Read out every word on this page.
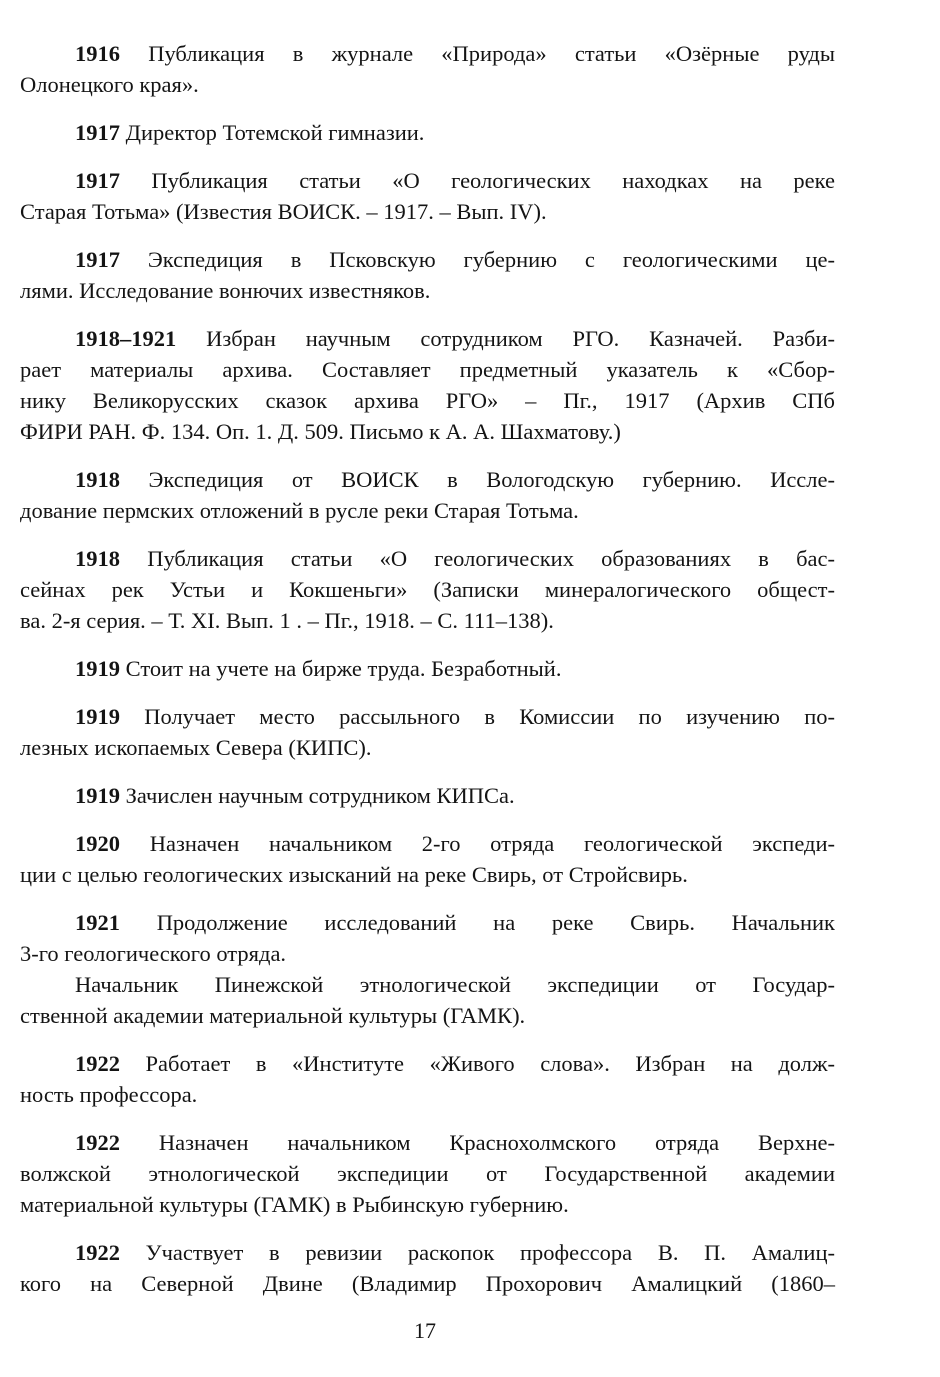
1916 Публикация в журнале «Природа» статьи «Озёрные руды
Олонецкого края».
1917 Директор Тотемской гимназии.
1917 Публикация статьи «О геологических находках на реке
Старая Тотьма» (Известия ВОИСК. – 1917. – Вып. IV).
1917 Экспедиция в Псковскую губернию с геологическими це-
лями. Исследование вонючих известняков.
1918–1921 Избран научным сотрудником РГО. Казначей. Разби-
рает материалы архива. Составляет предметный указатель к «Сбор-
нику Великорусских сказок архива РГО» – Пг., 1917 (Архив СПб
ФИРИ РАН. Ф. 134. Оп. 1. Д. 509. Письмо к А. А. Шахматову.)
1918 Экспедиция от ВОИСК в Вологодскую губернию. Иссле-
дование пермских отложений в русле реки Старая Тотьма.
1918 Публикация статьи «О геологических образованиях в бас-
сейнах рек Устьи и Кокшеньги» (Записки минералогического общест-
ва. 2-я серия. – Т. XI. Вып. 1 . – Пг., 1918. – С. 111–138).
1919 Стоит на учете на бирже труда. Безработный.
1919 Получает место рассыльного в Комиссии по изучению по-
лезных ископаемых Севера (КИПС).
1919 Зачислен научным сотрудником КИПСа.
1920 Назначен начальником 2-го отряда геологической экспеди-
ции с целью геологических изысканий на реке Свирь, от Стройсвирь.
1921 Продолжение исследований на реке Свирь. Начальник
3-го геологического отряда.
Начальник Пинежской этнологической экспедиции от Государ-
ственной академии материальной культуры (ГАМК).
1922 Работает в «Институте «Живого слова». Избран на долж-
ность профессора.
1922 Назначен начальником Краснохолмского отряда Верхне-
волжской этнологической экспедиции от Государственной академии
материальной культуры (ГАМК) в Рыбинскую губернию.
1922 Участвует в ревизии раскопок профессора В. П. Амалиц-
кого на Северной Двине (Владимир Прохорович Амалицкий (1860–
17
